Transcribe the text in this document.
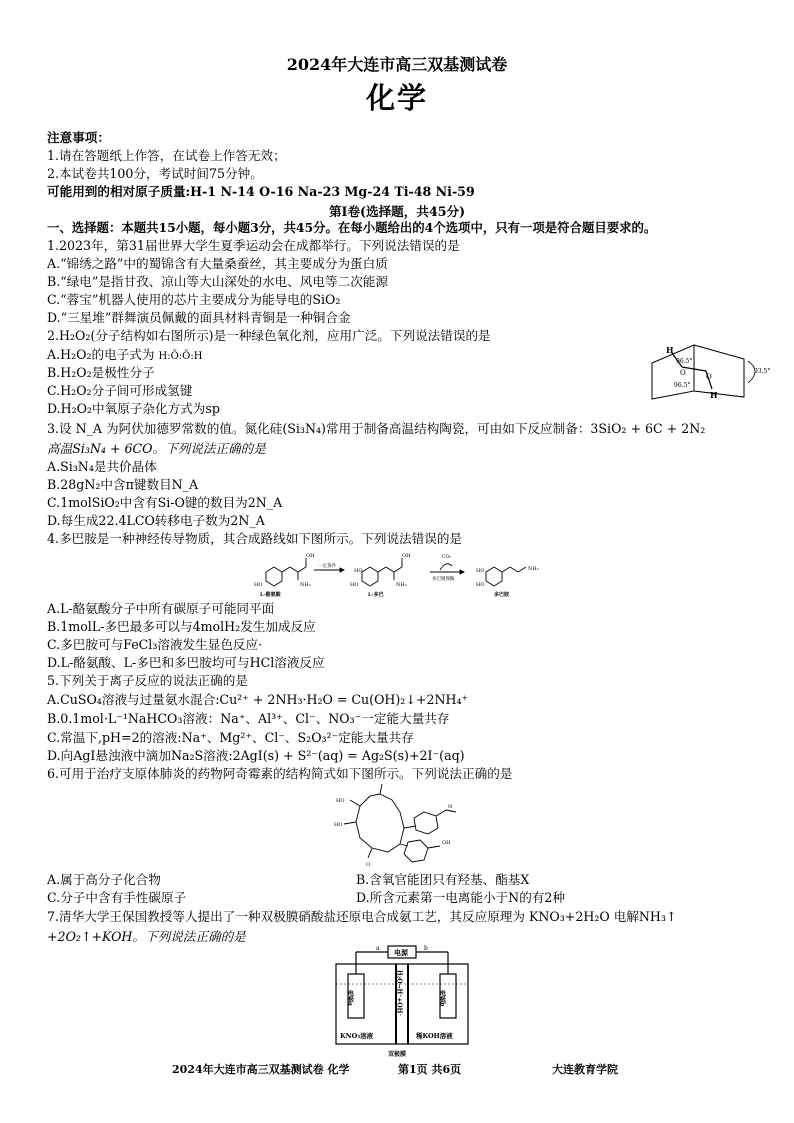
2024年大连市高三双基测试卷
化学
注意事项：
1.请在答题纸上作答，在试卷上作答无效；
2.本试卷共100分，考试时间75分钟。
可能用到的相对原子质量:H-1 N-14 O-16 Na-23 Mg-24 Ti-48 Ni-59
第Ⅰ卷(选择题，共45分)
一、选择题：本题共15小题，每小题3分，共45分。在每小题给出的4个选项中，只有一项是符合题目要求的。
1.2023年，第31届世界大学生夏季运动会在成都举行。下列说法错误的是
A.“锦绣之路”中的蜀锦含有大量桑蚕丝，其主要成分为蛋白质
B.“绿电”是指甘孜、凉山等大山深处的水电、风电等二次能源
C.“蓉宝”机器人使用的芯片主要成分为能导电的SiO₂
D.“三星堆”群舞演员佩戴的面具材料青铜是一种铜合金
2.H₂O₂(分子结构如右图所示)是一种绿色氧化剂，应用广泛。下列说法错误的是
A.H₂O₂的电子式为 H:Ö:Ö:H
B.H₂O₂是极性分子
C.H₂O₂分子间可形成氢键
D.H₂O₂中氧原子杂化方式为sp
H
O	O
H
96.5°
96.5°
93.5°
3.设 N_A 为阿伏加德罗常数的值。氮化硅(Si₃N₄)常用于制备高温结构陶瓷，可由如下反应制备：3SiO₂ + 6C + 2N₂
高温Si₃N₄ + 6CO。下列说法正确的是
A.Si₃N₄是共价晶体
B.28gN₂中含π键数目N_A
C.1molSiO₂中含有Si-O键的数目为2N_A
D.每生成22.4LCO转移电子数为2N_A
4.多巴胺是一种神经传导物质，其合成路线如下图所示。下列说法错误的是
HO	NH₂
OH
HO
HO	NH₂
OH
HO
HO
NH₂
L-酪氨酸
一定条件
L-多巴
CO₂
多巴脱羧酶
多巴胺
A.L-酪氨酸分子中所有碳原子可能同平面
B.1molL-多巴最多可以与4molH₂发生加成反应
C.多巴胺可与FeCl₃溶液发生显色反应·
D.L-酪氨酸、L-多巴和多巴胺均可与HCl溶液反应
5.下列关于离子反应的说法正确的是
A.CuSO₄溶液与过量氨水混合:Cu²⁺ + 2NH₃·H₂O = Cu(OH)₂↓+2NH₄⁺
B.0.1mol·L⁻¹NaHCO₃溶液：Na⁺、Al³⁺、Cl⁻、NO₃⁻一定能大量共存
C.常温下,pH=2的溶液:Na⁺、Mg²⁺、Cl⁻、S₂O₃²⁻定能大量共存
D.向AgI悬浊液中滴加Na₂S溶液:2AgI(s) + S²⁻(aq) = Ag₂S(s)+2I⁻(aq)
6.可用于治疗支原体肺炎的药物阿奇霉素的结构简式如下图所示。下列说法正确的是
HO
HO
O
OH
N
A.属于高分子化合物	B.含氧官能团只有羟基、酯基X
C.分子中含有手性碳原子	D.所含元素第一电离能小于N的有2种
7.清华大学王保国教授等人提出了一种双极膜硝酸盐还原电合成氨工艺，其反应原理为 KNO₃+2H₂O 电解NH₃↑
+2O₂↑+KOH。下列说法正确的是
电源
a	b
电极a	电极b
H₂O→H⁺+OH⁻
KNO₃溶液	稀KOH溶液
双极膜
2024年大连市高三双基测试卷 化学	第1页 共6页	大连教育学院
